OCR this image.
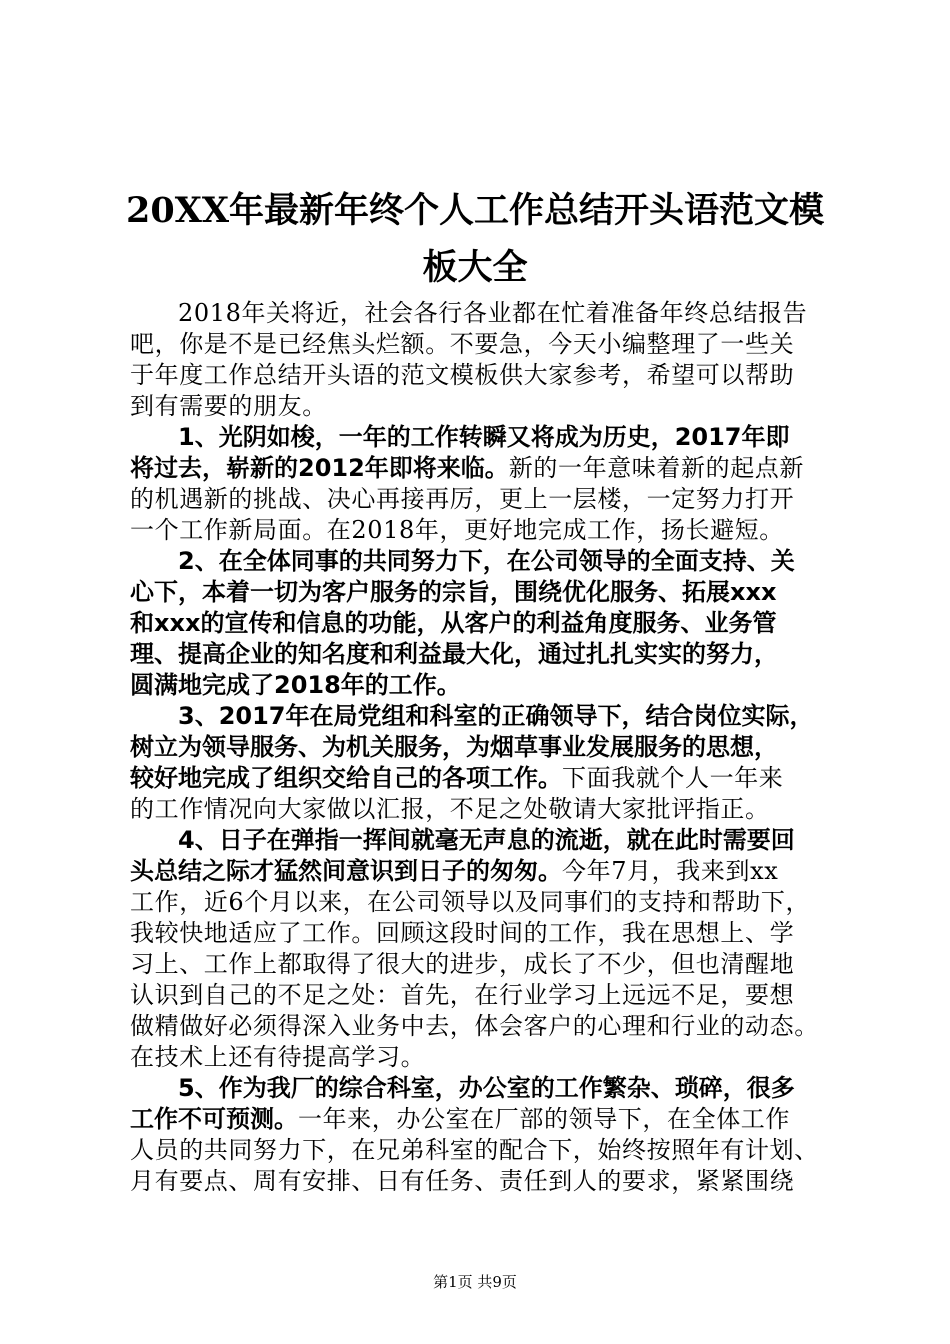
20XX年最新年终个人工作总结开头语范文模
板大全
2018年关将近，社会各行各业都在忙着准备年终总结报告
吧，你是不是已经焦头烂额。不要急，今天小编整理了一些关
于年度工作总结开头语的范文模板供大家参考，希望可以帮助
到有需要的朋友。
1、光阴如梭，一年的工作转瞬又将成为历史，2017年即
将过去，崭新的2012年即将来临。新的一年意味着新的起点新
的机遇新的挑战、决心再接再厉，更上一层楼，一定努力打开
一个工作新局面。在2018年，更好地完成工作，扬长避短。
2、在全体同事的共同努力下，在公司领导的全面支持、关
心下，本着一切为客户服务的宗旨，围绕优化服务、拓展xxx
和xxx的宣传和信息的功能，从客户的利益角度服务、业务管
理、提高企业的知名度和利益最大化，通过扎扎实实的努力，
圆满地完成了2018年的工作。
3、2017年在局党组和科室的正确领导下，结合岗位实际，
树立为领导服务、为机关服务，为烟草事业发展服务的思想，
较好地完成了组织交给自己的各项工作。下面我就个人一年来
的工作情况向大家做以汇报，不足之处敬请大家批评指正。
4、日子在弹指一挥间就毫无声息的流逝，就在此时需要回
头总结之际才猛然间意识到日子的匆匆。今年7月，我来到xx
工作，近6个月以来，在公司领导以及同事们的支持和帮助下，
我较快地适应了工作。回顾这段时间的工作，我在思想上、学
习上、工作上都取得了很大的进步，成长了不少，但也清醒地
认识到自己的不足之处：首先，在行业学习上远远不足，要想
做精做好必须得深入业务中去，体会客户的心理和行业的动态。
在技术上还有待提高学习。
5、作为我厂的综合科室，办公室的工作繁杂、琐碎，很多
工作不可预测。一年来，办公室在厂部的领导下，在全体工作
人员的共同努力下，在兄弟科室的配合下，始终按照年有计划、
月有要点、周有安排、日有任务、责任到人的要求，紧紧围绕
第1页 共9页
